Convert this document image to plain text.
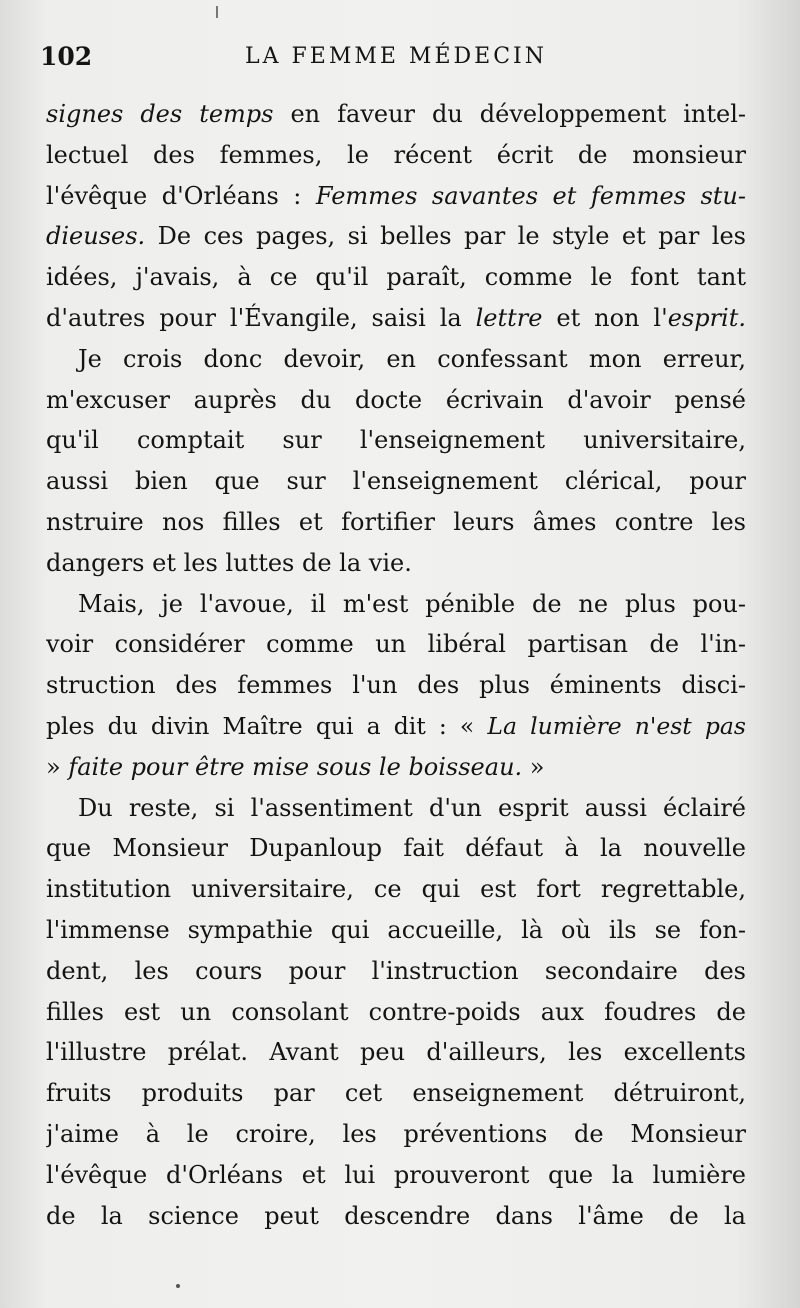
102	LA FEMME MÉDECIN
signes des temps en faveur du développement intel-
lectuel des femmes, le récent écrit de monsieur
l'évêque d'Orléans : Femmes savantes et femmes stu-
dieuses. De ces pages, si belles par le style et par les
idées, j'avais, à ce qu'il paraît, comme le font tant
d'autres pour l'Évangile, saisi la lettre et non l'esprit.
Je crois donc devoir, en confessant mon erreur,
m'excuser auprès du docte écrivain d'avoir pensé
qu'il comptait sur l'enseignement universitaire,
aussi bien que sur l'enseignement clérical, pour
nstruire nos filles et fortifier leurs âmes contre les
dangers et les luttes de la vie.
Mais, je l'avoue, il m'est pénible de ne plus pou-
voir considérer comme un libéral partisan de l'in-
struction des femmes l'un des plus éminents disci-
ples du divin Maître qui a dit : « La lumière n'est pas
» faite pour être mise sous le boisseau. »
Du reste, si l'assentiment d'un esprit aussi éclairé
que Monsieur Dupanloup fait défaut à la nouvelle
institution universitaire, ce qui est fort regrettable,
l'immense sympathie qui accueille, là où ils se fon-
dent, les cours pour l'instruction secondaire des
filles est un consolant contre-poids aux foudres de
l'illustre prélat. Avant peu d'ailleurs, les excellents
fruits produits par cet enseignement détruiront,
j'aime à le croire, les préventions de Monsieur
l'évêque d'Orléans et lui prouveront que la lumière
de la science peut descendre dans l'âme de la
